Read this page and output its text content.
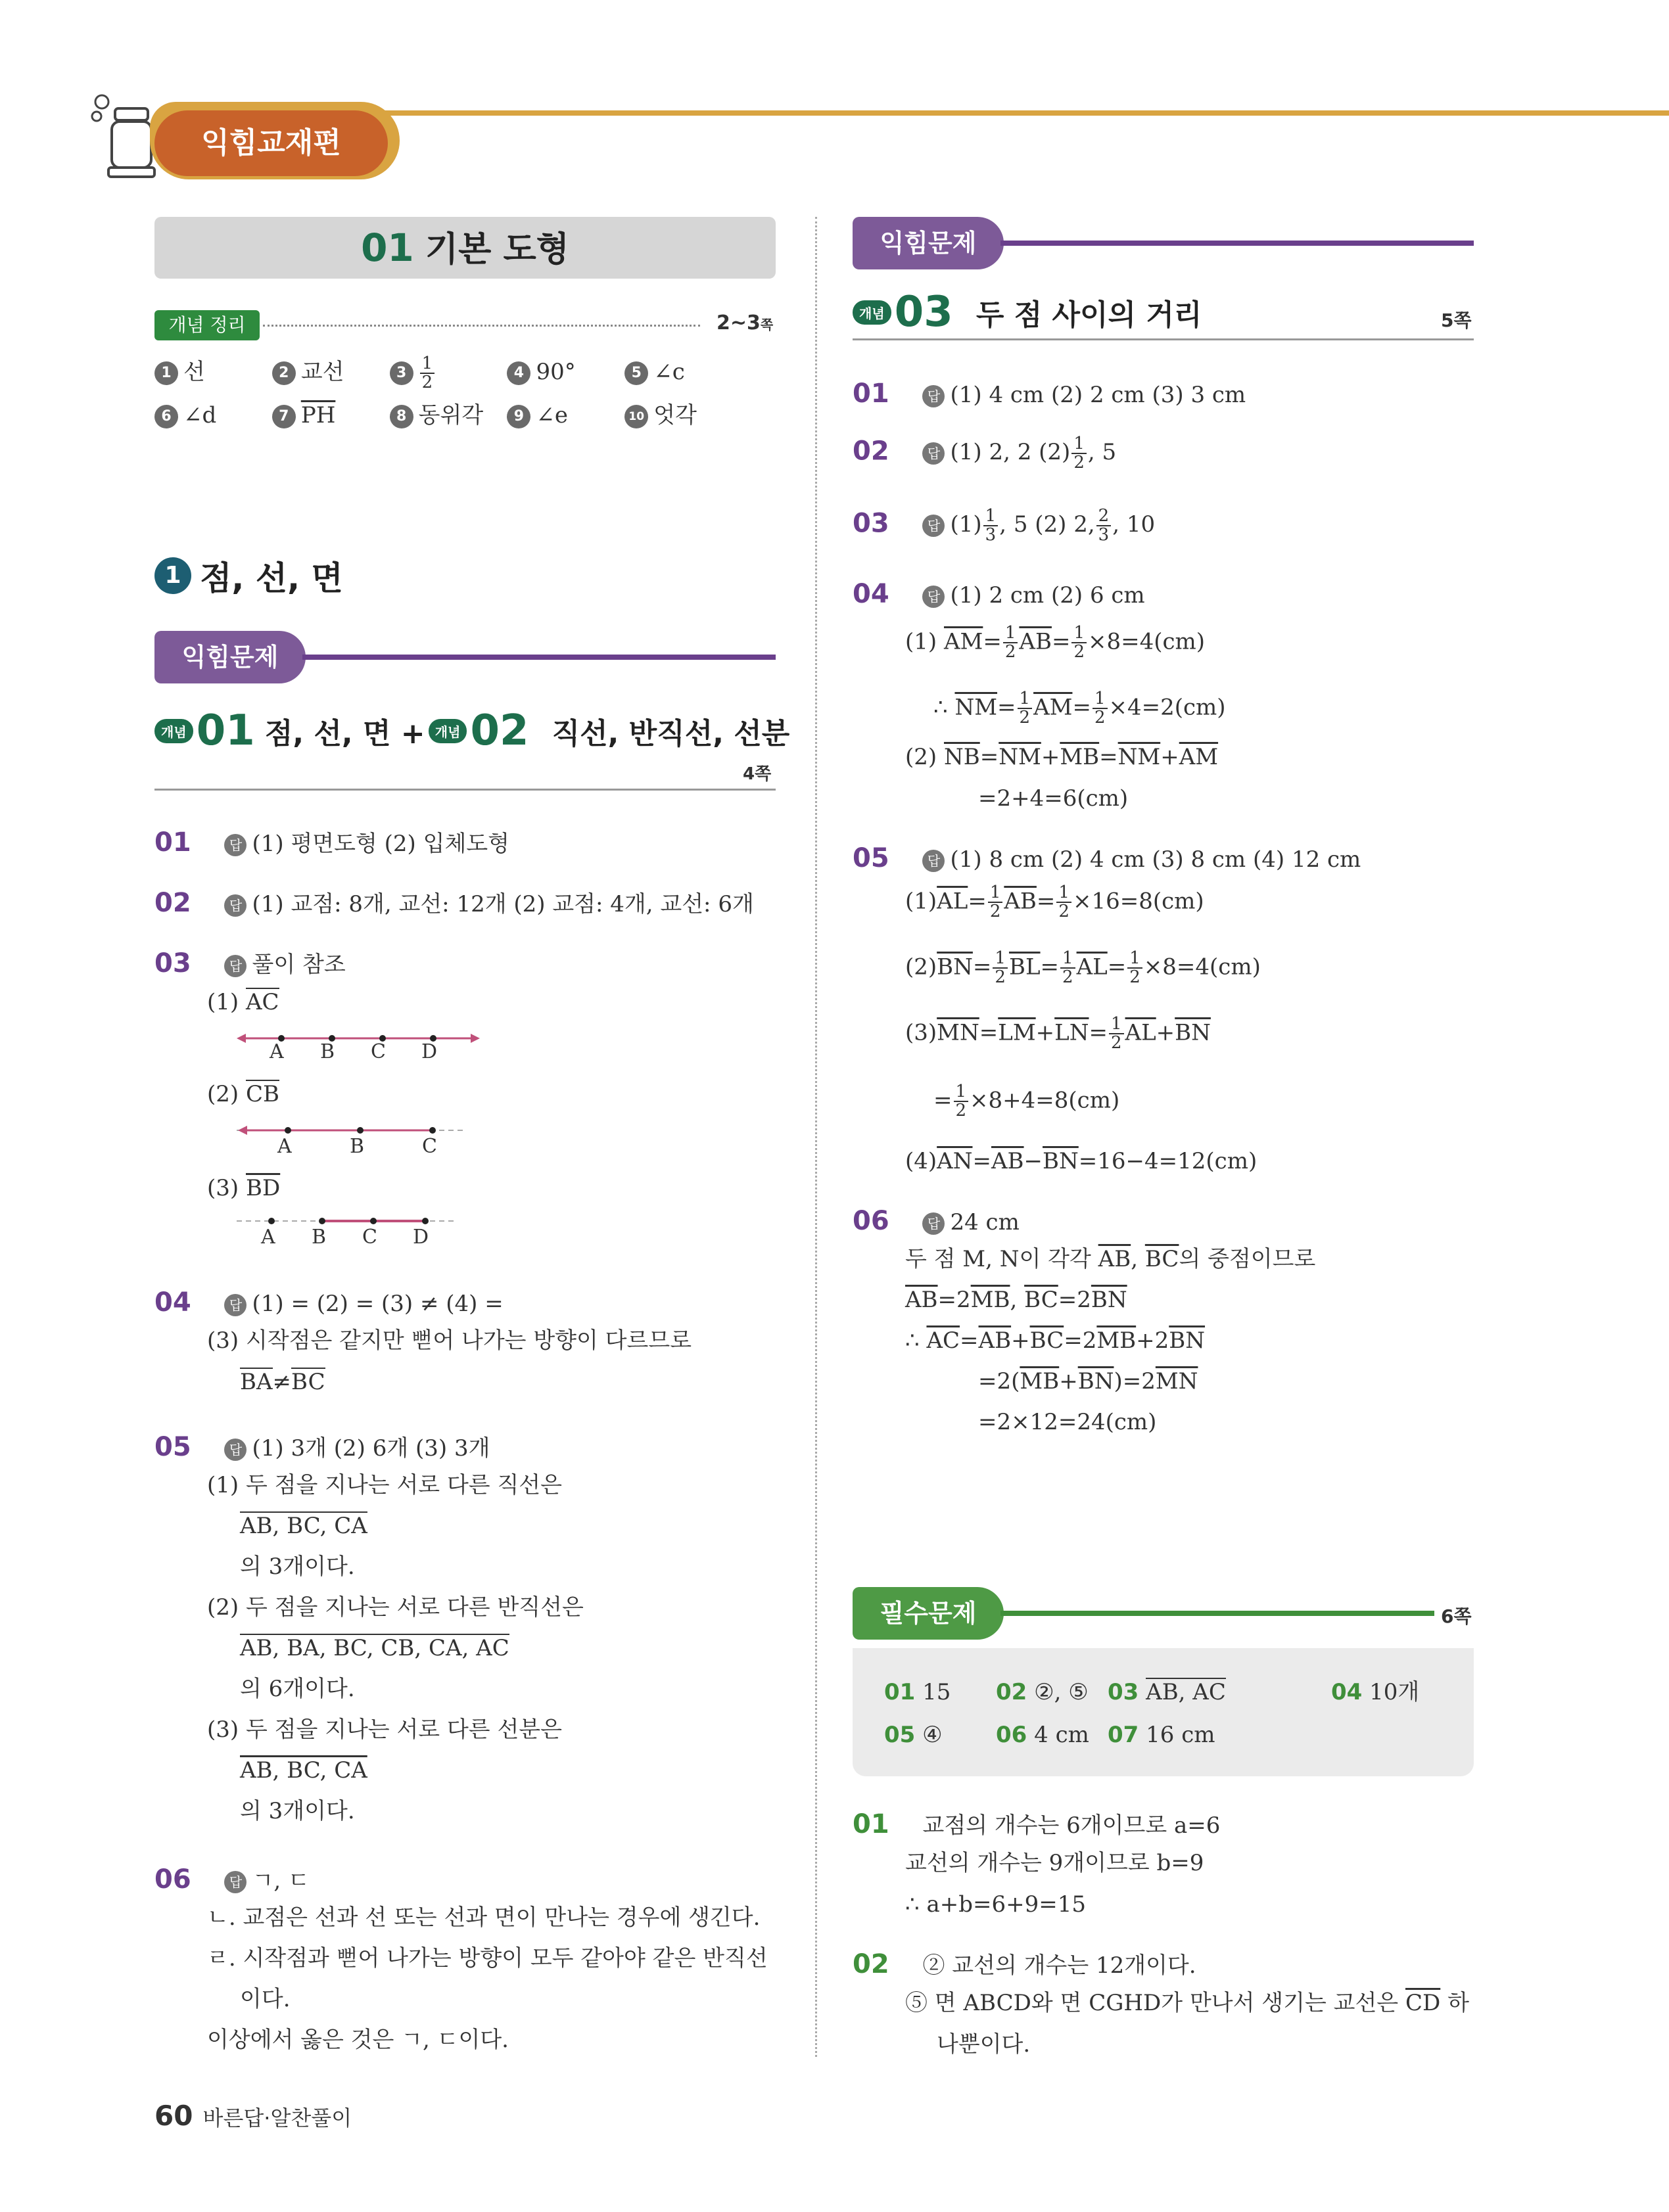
익힘교재편
01 기본 도형
개념 정리	2~3쪽
1 선	2 교선	$3 \frac{1}{2}$	4 90°	5 ∠c
6 ∠d	7 $\overline{PH}$	8 동위각 9 ∠e	10 엇각
1 점, 선, 면
익힘문제
개념 01 점, 선, 면 + 개념 02 직선, 반직선, 선분
4쪽
01	답 (1) 평면도형 (2) 입체도형
02	답 (1) 교점: 8개, 교선: 12개 (2) 교점: 4개, 교선: 6개
03	답 풀이 참조
(1) AC
A B C D
(2) CB
A	B	C
(3) $\overline{BD}$
A B C D
04	답 (1) = (2) = (3) ≠ (4) =
(3) 시작점은 같지만 뻗어 나가는 방향이 다르므로
BA≠BC
05	답 (1) 3개 (2) 6개 (3) 3개
(1) 두 점을 지나는 서로 다른 직선은
AB, BC, CA
의 3개이다.
(2) 두 점을 지나는 서로 다른 반직선은
AB, BA, BC, CB, CA, AC
의 6개이다.
(3) 두 점을 지나는 서로 다른 선분은
AB, BC, CA
의 3개이다.
06	답 ㄱ, ㄷ
ㄴ. 교점은 선과 선 또는 선과 면이 만나는 경우에 생긴다.
ㄹ. 시작점과 뻗어 나가는 방향이 모두 같아야 같은 반직선
이다.
이상에서 옳은 것은 ㄱ, ㄷ이다.
익힘문제
개념 03 두 점 사이의 거리	5쪽
01	답 (1) 4 cm (2) 2 cm (3) 3 cm
02	답 (1) 2, 2 $(2) \frac{1}{2}$ , 5
03	답 $(1) \frac{1}{3}$ , 5 (2) 2, $\frac{2}{3}$ , 10
04	답 (1) 2 cm (2) 6 cm
(1) $\overline{AM}= \frac{1}{2} \overline{AB}= \frac{1}{2} \times 8=4(cm)$
∴ $\overline{NM}= \frac{1}{2} \overline{AM}= \frac{1}{2} \times 4=2(cm)$
(2) $\overline{NB}=\overline{NM}+\overline{MB}=\overline{NM}+\overline{AM}$
=2+4=6(cm)
05	답 (1) 8 cm (2) 4 cm (3) 8 cm (4) 12 cm
$(1)\overline{AL}= \frac{1}{2} \overline{AB}= \frac{1}{2} \times 16=8(cm)$
$(2)\overline{BN}= \frac{1}{2} \overline{BL}= \frac{1}{2} \overline{AL}= \frac{1}{2} \times 8=4(cm)$
$(3)\overline{MN}=\overline{LM}+\overline{LN}= \frac{1}{2} \overline{AL}+\overline{BN}$
= $\frac{1}{2} \times 8+4=8(cm)$
$(4)\overline{AN}=\overline{AB}-\overline{BN}=16-4=12(cm)$
06	답 24 cm
두 점 M, N이 각각 $\overline{AB}$, $\overline{BC}$의 중점이므로
$\overline{AB}=2\overline{MB}$, $\overline{BC}=2\overline{BN}$
∴ $\overline{AC}=\overline{AB}+\overline{BC}=2\overline{MB}+2\overline{BN}$
$=2(\overline{MB}+\overline{BN})=2\overline{MN}$
=2×12=24(cm)
필수문제	6쪽
01 15 02 ②, ⑤ 03 AB, AC	04 10개
05 ④ 06 4 cm 07 16 cm
01 교점의 개수는 6개이므로 a=6
교선의 개수는 9개이므로 b=9
∴ a+b=6+9=15
02 ② 교선의 개수는 12개이다.
⑤ 면 ABCD와 면 CGHD가 만나서 생기는 교선은 $\overline{CD}$ 하
나뿐이다.
60 바른답·알찬풀이
